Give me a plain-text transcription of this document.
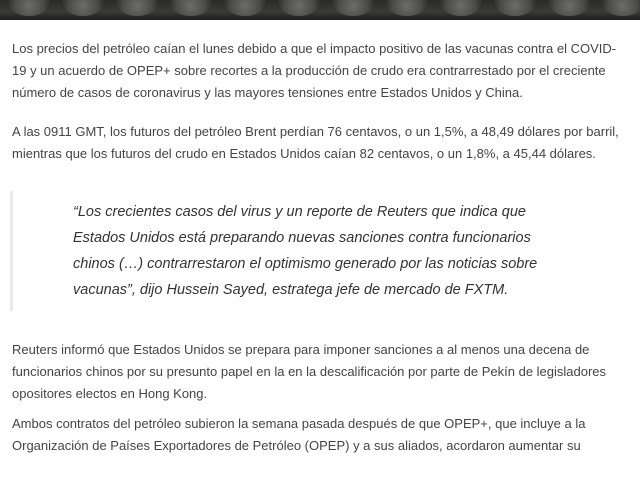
Los precios del petróleo caían el lunes debido a que el impacto positivo de las vacunas contra el COVID-19 y un acuerdo de OPEP+ sobre recortes a la producción de crudo era contrarrestado por el creciente número de casos de coronavirus y las mayores tensiones entre Estados Unidos y China.

A las 0911 GMT, los futuros del petróleo Brent perdían 76 centavos, o un 1,5%, a 48,49 dólares por barril, mientras que los futuros del crudo en Estados Unidos caían 82 centavos, o un 1,8%, a 45,44 dólares.

“Los crecientes casos del virus y un reporte de Reuters que indica que Estados Unidos está preparando nuevas sanciones contra funcionarios chinos (…) contrarrestaron el optimismo generado por las noticias sobre vacunas”, dijo Hussein Sayed, estratega jefe de mercado de FXTM.

Reuters informó que Estados Unidos se prepara para imponer sanciones a al menos una decena de funcionarios chinos por su presunto papel en la en la descalificación por parte de Pekín de legisladores opositores electos en Hong Kong.

Ambos contratos del petróleo subieron la semana pasada después de que OPEP+, que incluye a la Organización de Países Exportadores de Petróleo (OPEP) y a sus aliados, acordaron aumentar su
